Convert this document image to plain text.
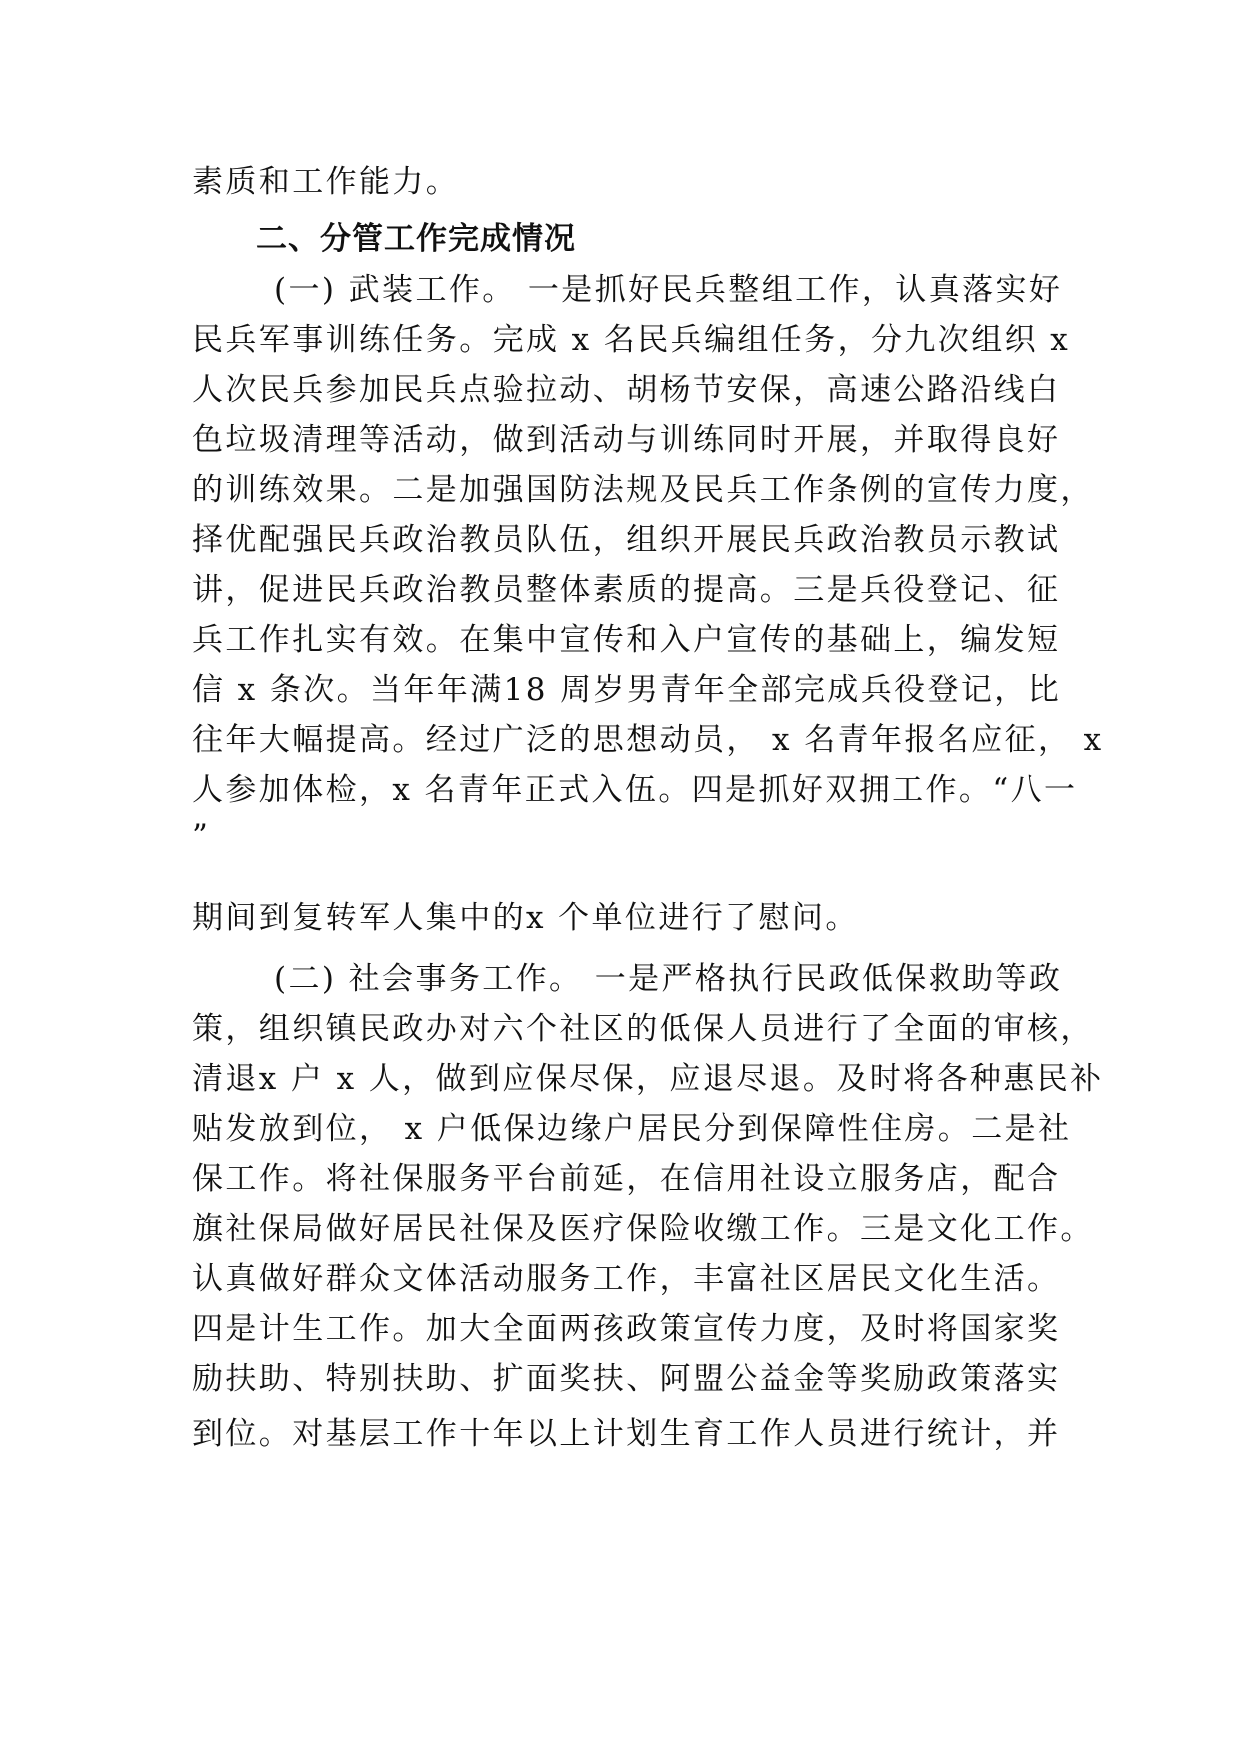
素质和工作能力。
二、分管工作完成情况
(一) 武装工作。 一是抓好民兵整组工作，认真落实好
民兵军事训练任务。完成 x 名民兵编组任务，分九次组织 x
人次民兵参加民兵点验拉动、胡杨节安保，高速公路沿线白
色垃圾清理等活动，做到活动与训练同时开展，并取得良好
的训练效果。二是加强国防法规及民兵工作条例的宣传力度，
择优配强民兵政治教员队伍，组织开展民兵政治教员示教试
讲，促进民兵政治教员整体素质的提高。三是兵役登记、征
兵工作扎实有效。在集中宣传和入户宣传的基础上，编发短
信 x 条次。当年年满18 周岁男青年全部完成兵役登记，比
往年大幅提高。经过广泛的思想动员， x 名青年报名应征， x
人参加体检，x 名青年正式入伍。四是抓好双拥工作。“八一
”
期间到复转军人集中的x 个单位进行了慰问。
(二) 社会事务工作。 一是严格执行民政低保救助等政
策，组织镇民政办对六个社区的低保人员进行了全面的审核，
清退x 户 x 人，做到应保尽保，应退尽退。及时将各种惠民补
贴发放到位， x 户低保边缘户居民分到保障性住房。二是社
保工作。将社保服务平台前延，在信用社设立服务店，配合
旗社保局做好居民社保及医疗保险收缴工作。三是文化工作。
认真做好群众文体活动服务工作，丰富社区居民文化生活。
四是计生工作。加大全面两孩政策宣传力度，及时将国家奖
励扶助、特别扶助、扩面奖扶、阿盟公益金等奖励政策落实
到位。对基层工作十年以上计划生育工作人员进行统计，并
